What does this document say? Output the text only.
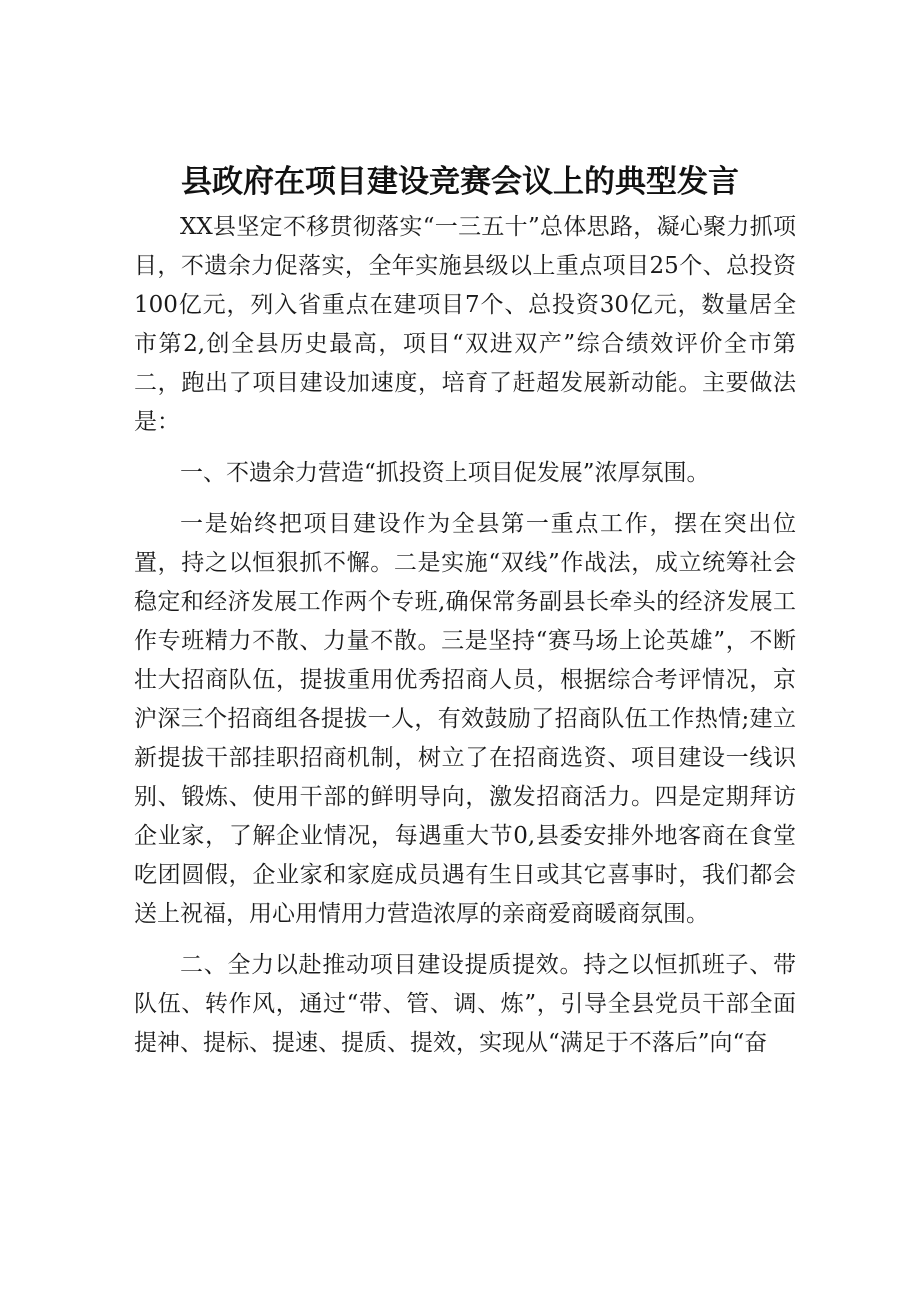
县政府在项目建设竞赛会议上的典型发言

XX县坚定不移贯彻落实“一三五十”总体思路，凝心聚力抓项目，不遗余力促落实，全年实施县级以上重点项目25个、总投资100亿元，列入省重点在建项目7个、总投资30亿元，数量居全市第2,创全县历史最高，项目“双进双产”综合绩效评价全市第二，跑出了项目建设加速度，培育了赶超发展新动能。主要做法是：

一、不遗余力营造“抓投资上项目促发展”浓厚氛围。

一是始终把项目建设作为全县第一重点工作，摆在突出位置，持之以恒狠抓不懈。二是实施“双线”作战法，成立统筹社会稳定和经济发展工作两个专班,确保常务副县长牵头的经济发展工作专班精力不散、力量不散。三是坚持“赛马场上论英雄”，不断壮大招商队伍，提拔重用优秀招商人员，根据综合考评情况，京沪深三个招商组各提拔一人，有效鼓励了招商队伍工作热情;建立新提拔干部挂职招商机制，树立了在招商选资、项目建设一线识别、锻炼、使用干部的鲜明导向，激发招商活力。四是定期拜访企业家，了解企业情况，每遇重大节0,县委安排外地客商在食堂吃团圆假，企业家和家庭成员遇有生日或其它喜事时，我们都会送上祝福，用心用情用力营造浓厚的亲商爱商暖商氛围。

二、全力以赴推动项目建设提质提效。持之以恒抓班子、带队伍、转作风，通过“带、管、调、炼”，引导全县党员干部全面提神、提标、提速、提质、提效，实现从“满足于不落后”向“奋
